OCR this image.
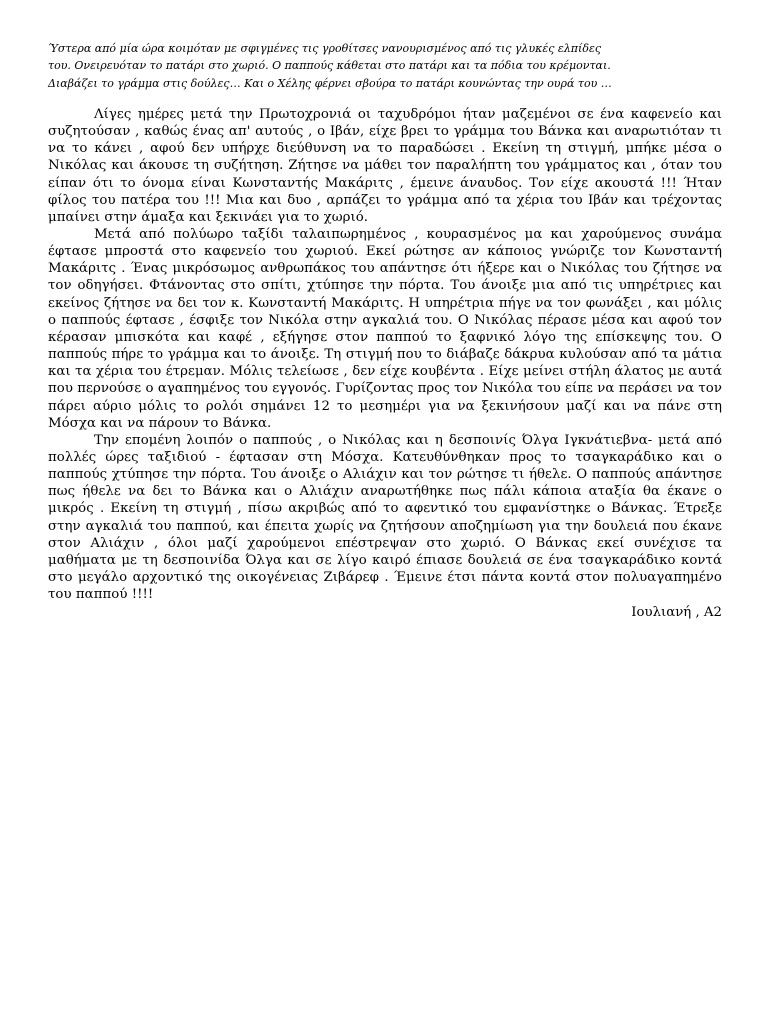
Ύστερα από μία ώρα κοιμόταν με σφιγμένες τις γροθίτσες νανουρισμένος από τις γλυκές ελπίδες
του. Ονειρευόταν το πατάρι στο χωριό. Ο παππούς κάθεται στο πατάρι και τα πόδια του κρέμονται.
Διαβάζει το γράμμα στις δούλες… Και ο Χέλης φέρνει σβούρα το πατάρι κουνώντας την ουρά του …

Λίγες ημέρες μετά την Πρωτοχρονιά οι ταχυδρόμοι ήταν μαζεμένοι σε ένα καφενείο και συζητούσαν , καθώς ένας απ' αυτούς , ο Ιβάν, είχε βρει το γράμμα του Βάνκα και αναρωτιόταν τι να το κάνει , αφού δεν υπήρχε διεύθυνση να το παραδώσει . Εκείνη τη στιγμή, μπήκε μέσα ο Νικόλας και άκουσε τη συζήτηση. Ζήτησε να μάθει τον παραλήπτη του γράμματος και , όταν του είπαν ότι το όνομα είναι Κωνσταντής Μακάριτς , έμεινε άναυδος. Τον είχε ακουστά !!! Ήταν φίλος του πατέρα του !!! Μια και δυο , αρπάζει το γράμμα από τα χέρια του Ιβάν και τρέχοντας μπαίνει στην άμαξα και ξεκινάει για το χωριό.

Μετά από πολύωρο ταξίδι ταλαιπωρημένος , κουρασμένος μα και χαρούμενος συνάμα έφτασε μπροστά στο καφενείο του χωριού. Εκεί ρώτησε αν κάποιος γνώριζε τον Κωνσταντή Μακάριτς . Ένας μικρόσωμος ανθρωπάκος του απάντησε ότι ήξερε και ο Νικόλας του ζήτησε να τον οδηγήσει. Φτάνοντας στο σπίτι, χτύπησε την πόρτα. Του άνοιξε μια από τις υπηρέτριες και εκείνος ζήτησε να δει τον κ. Κωνσταντή Μακάριτς. Η υπηρέτρια πήγε να τον φωνάξει , και μόλις ο παππούς έφτασε , έσφιξε τον Νικόλα στην αγκαλιά του. Ο Νικόλας πέρασε μέσα και αφού τον κέρασαν μπισκότα και καφέ , εξήγησε στον παππού το ξαφνικό λόγο της επίσκεψης του. Ο παππούς πήρε το γράμμα και το άνοιξε. Τη στιγμή που το διάβαζε δάκρυα κυλούσαν από τα μάτια και τα χέρια του έτρεμαν. Μόλις τελείωσε , δεν είχε κουβέντα . Είχε μείνει στήλη άλατος με αυτά που περνούσε ο αγαπημένος του εγγονός. Γυρίζοντας προς τον Νικόλα του είπε να περάσει να τον πάρει αύριο μόλις το ρολόι σημάνει 12 το μεσημέρι για να ξεκινήσουν μαζί και να πάνε στη Μόσχα και να πάρουν το Βάνκα.

Την επομένη λοιπόν ο παππούς , ο Νικόλας και η δεσποινίς Όλγα Ιγκνάτιεβνα- μετά από πολλές ώρες ταξιδιού - έφτασαν στη Μόσχα. Κατευθύνθηκαν προς το τσαγκαράδικο και ο παππούς χτύπησε την πόρτα. Του άνοιξε ο Αλιάχιν και τον ρώτησε τι ήθελε. Ο παππούς απάντησε πως ήθελε να δει το Βάνκα και ο Αλιάχιν αναρωτήθηκε πως πάλι κάποια αταξία θα έκανε ο μικρός . Εκείνη τη στιγμή , πίσω ακριβώς από το αφεντικό του εμφανίστηκε ο Βάνκας. Έτρεξε στην αγκαλιά του παππού, και έπειτα χωρίς να ζητήσουν αποζημίωση για την δουλειά που έκανε στον Αλιάχιν , όλοι μαζί χαρούμενοι επέστρεψαν στο χωριό. Ο Βάνκας εκεί συνέχισε τα μαθήματα με τη δεσποινίδα Όλγα και σε λίγο καιρό έπιασε δουλειά σε ένα τσαγκαράδικο κοντά στο μεγάλο αρχοντικό της οικογένειας Ζιβάρεφ . Έμεινε έτσι πάντα κοντά στον πολυαγαπημένο του παππού !!!!

Ιουλιανή , Α2
